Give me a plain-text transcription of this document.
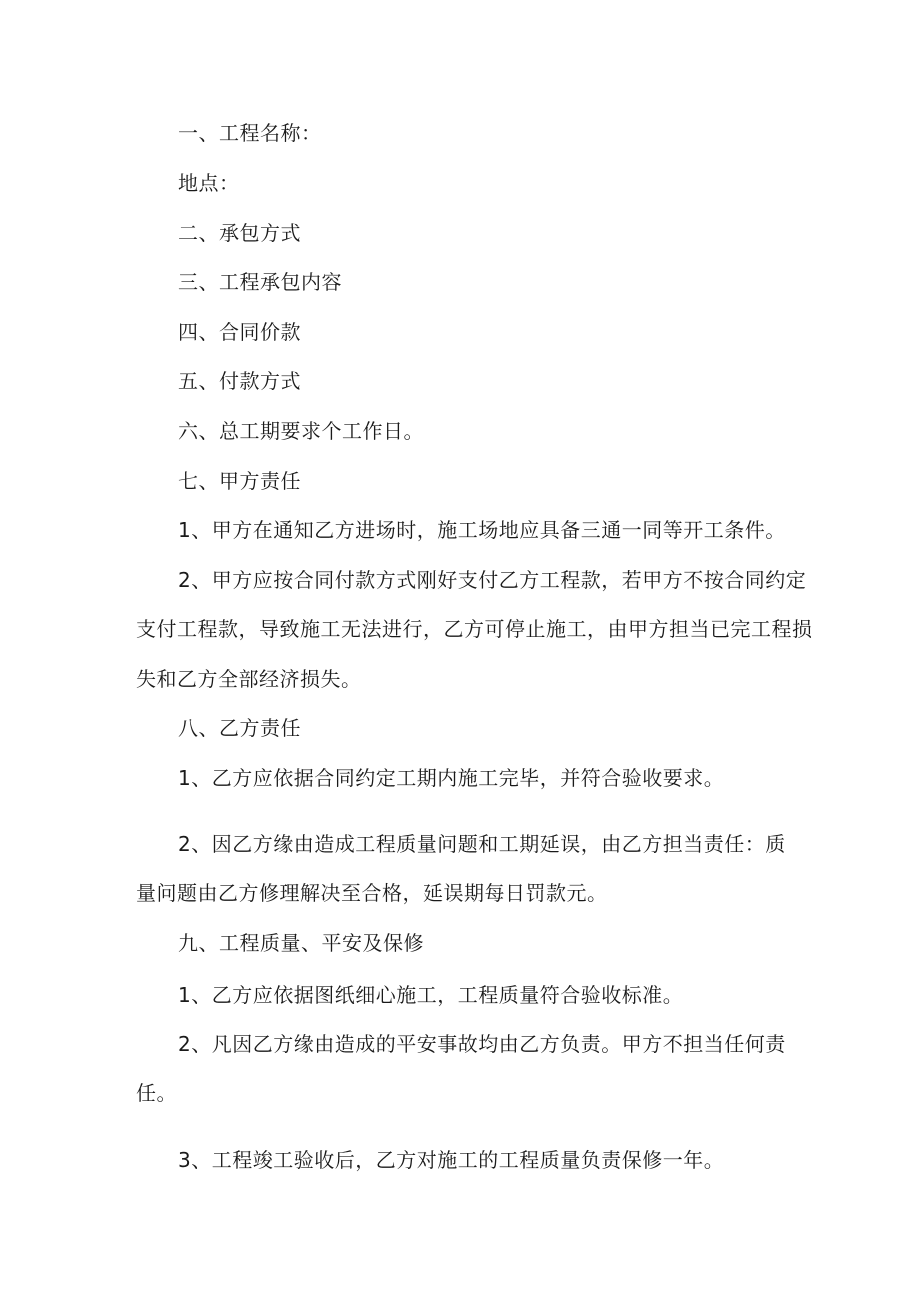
一、工程名称：
地点：
二、承包方式
三、工程承包内容
四、合同价款
五、付款方式
六、总工期要求个工作日。
七、甲方责任
1、甲方在通知乙方进场时，施工场地应具备三通一同等开工条件。
2、甲方应按合同付款方式刚好支付乙方工程款，若甲方不按合同约定
支付工程款，导致施工无法进行，乙方可停止施工，由甲方担当已完工程损
失和乙方全部经济损失。
八、乙方责任
1、乙方应依据合同约定工期内施工完毕，并符合验收要求。
2、因乙方缘由造成工程质量问题和工期延误，由乙方担当责任：质
量问题由乙方修理解决至合格，延误期每日罚款元。
九、工程质量、平安及保修
1、乙方应依据图纸细心施工，工程质量符合验收标准。
2、凡因乙方缘由造成的平安事故均由乙方负责。甲方不担当任何责
任。
3、工程竣工验收后，乙方对施工的工程质量负责保修一年。
